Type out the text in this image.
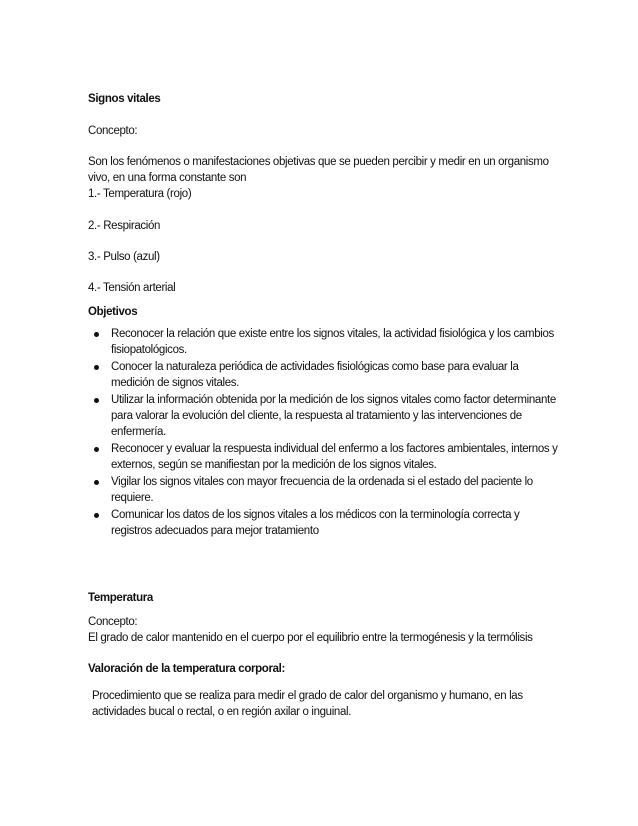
Signos vitales

Concepto:

Son los fenómenos o manifestaciones objetivas que se pueden percibir y medir en un organismo vivo, en una forma constante son

1.- Temperatura (rojo)

2.- Respiración

3.- Pulso (azul)

4.- Tensión arterial

Objetivos

Reconocer la relación que existe entre los signos vitales, la actividad fisiológica y los cambios fisiopatológicos.
Conocer la naturaleza periódica de actividades fisiológicas como base para evaluar la medición de signos vitales.
Utilizar la información obtenida por la medición de los signos vitales como factor determinante para valorar la evolución del cliente, la respuesta al tratamiento y las intervenciones de enfermería.
Reconocer y evaluar la respuesta individual del enfermo a los factores ambientales, internos y externos, según se manifiestan por la medición de los signos vitales.
Vigilar los signos vitales con mayor frecuencia de la ordenada si el estado del paciente lo requiere.
Comunicar los datos de los signos vitales a los médicos con la terminología correcta y registros adecuados para mejor tratamiento

Temperatura

Concepto:

El grado de calor mantenido en el cuerpo por el equilibrio entre la termogénesis y la termólisis

Valoración de la temperatura corporal:

Procedimiento que se realiza para medir el grado de calor del organismo y humano, en las actividades bucal o rectal, o en región axilar o inguinal.
